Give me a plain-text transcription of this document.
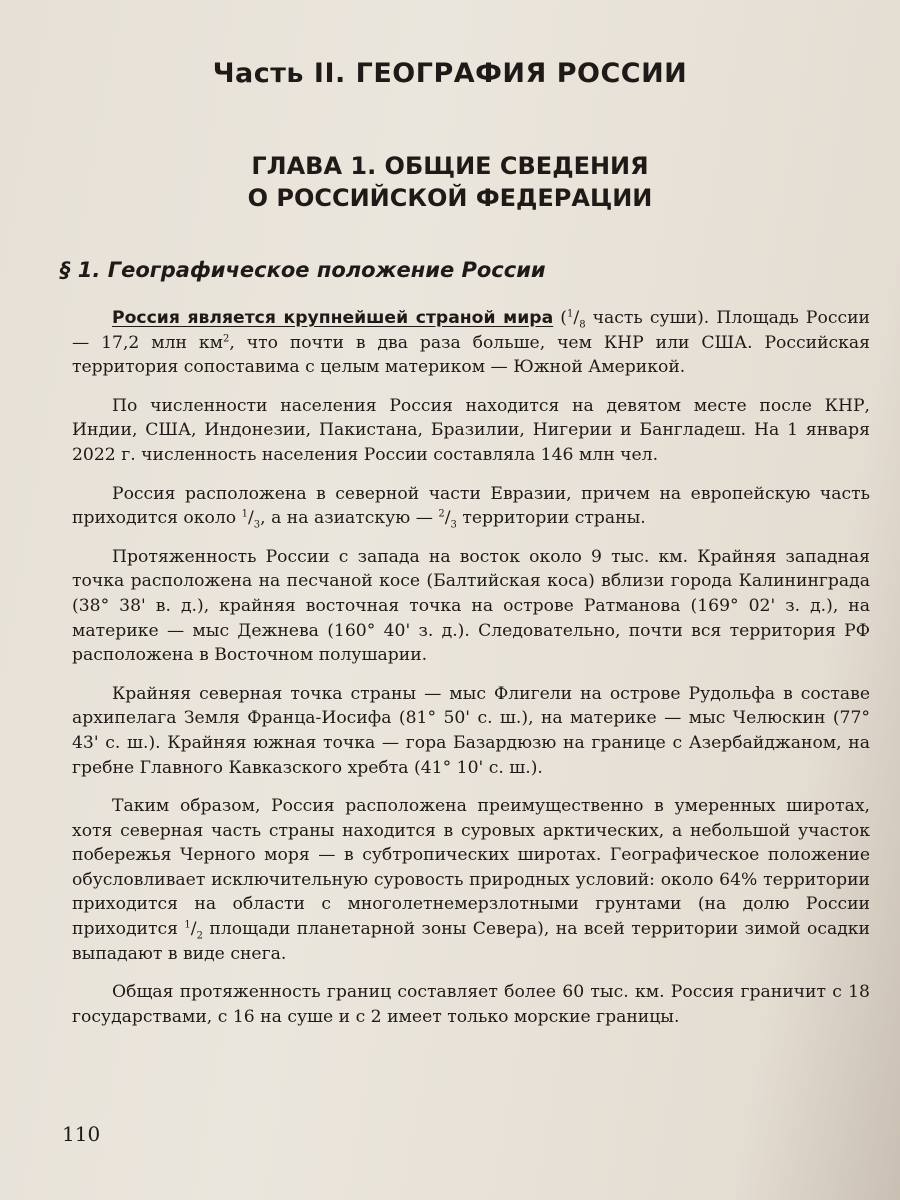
Часть II. ГЕОГРАФИЯ РОССИИ
ГЛАВА 1. ОБЩИЕ СВЕДЕНИЯ
О РОССИЙСКОЙ ФЕДЕРАЦИИ
§ 1. Географическое положение России

Россия является крупнейшей страной мира ($^1/_8$ часть суши). Площадь России — 17,2 млн $км^2$, что почти в два раза больше, чем КНР или США. Российская территория сопоставима с целым материком — Южной Америкой.

По численности населения Россия находится на девятом месте после КНР, Индии, США, Индонезии, Пакистана, Бразилии, Нигерии и Бангладеш. На 1 января 2022 г. численность населения России составляла 146 млн чел.

Россия расположена в северной части Евразии, причем на европейскую часть приходится около $^1/_3$, а на азиатскую — $^2/_3$ территории страны.

Протяженность России с запада на восток около 9 тыс. км. Крайняя западная точка расположена на песчаной косе (Балтийская коса) вблизи города Калининграда (38° 38' в. д.), крайняя восточная точка на острове Ратманова (169° 02' з. д.), на материке — мыс Дежнева (160° 40' з. д.). Следовательно, почти вся территория РФ расположена в Восточном полушарии.

Крайняя северная точка страны — мыс Флигели на острове Рудольфа в составе архипелага Земля Франца-Иосифа (81° 50' с. ш.), на материке — мыс Челюскин (77° 43' с. ш.). Крайняя южная точка — гора Базардюзю на границе с Азербайджаном, на гребне Главного Кавказского хребта (41° 10' с. ш.).

Таким образом, Россия расположена преимущественно в умеренных широтах, хотя северная часть страны находится в суровых арктических, а небольшой участок побережья Черного моря — в субтропических широтах. Географическое положение обусловливает исключительную суровость природных условий: около 64% территории приходится на области с многолетнемерзлотными грунтами (на долю России приходится $^1/_2$ площади планетарной зоны Севера), на всей территории зимой осадки выпадают в виде снега.

Общая протяженность границ составляет более 60 тыс. км. Россия граничит с 18 государствами, с 16 на суше и с 2 имеет только морские границы.

110
